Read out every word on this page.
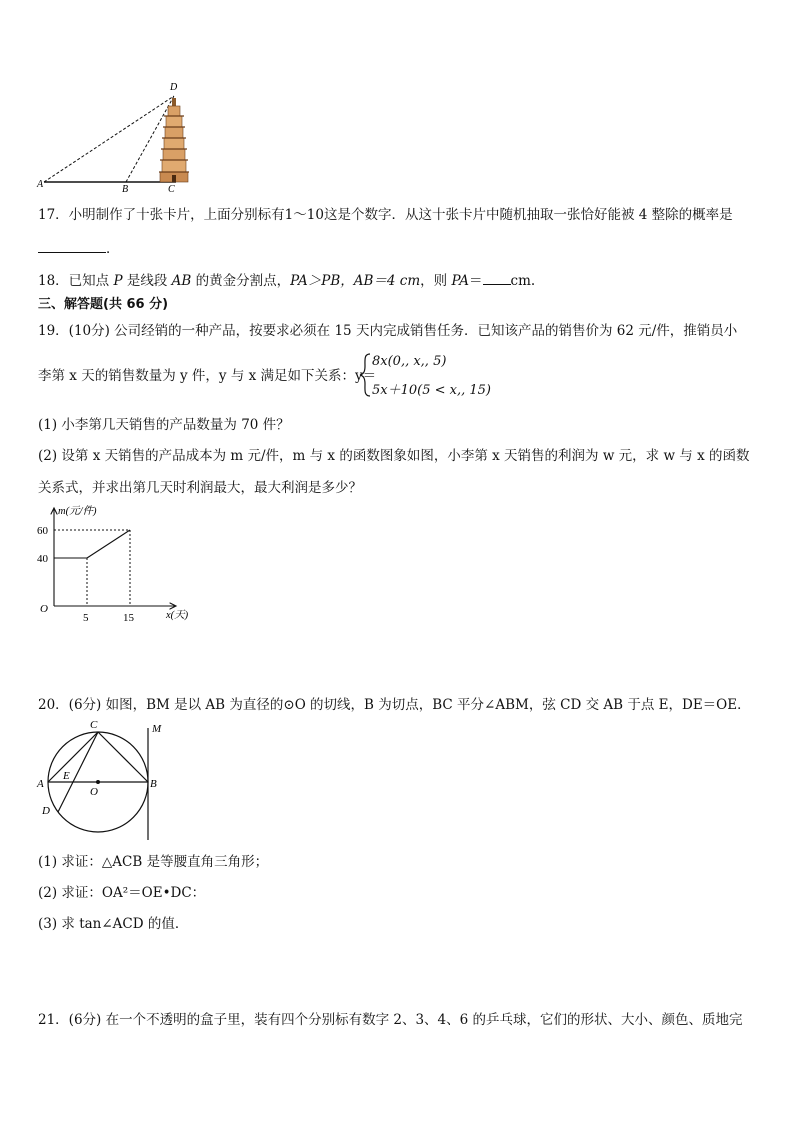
D
A	B	C
17．小明制作了十张卡片，上面分别标有1～10这是个数字．从这十张卡片中随机抽取一张恰好能被 4 整除的概率是
．
18．已知点 P 是线段 AB 的黄金分割点，PA＞PB，AB＝4 cm，则 PA＝ cm.
三、解答题(共 66 分)
19．(10分) 公司经销的一种产品，按要求必须在 15 天内完成销售任务．已知该产品的销售价为 62 元/件，推销员小
李第 x 天的销售数量为 y 件，y 与 x 满足如下关系：y＝
8x(0,, x,, 5)
5x＋10(5 < x,, 15)
(1) 小李第几天销售的产品数量为 70 件？
(2) 设第 x 天销售的产品成本为 m 元/件，m 与 x 的函数图象如图，小李第 x 天销售的利润为 w 元，求 w 与 x 的函数
关系式，并求出第几天时利润最大，最大利润是多少？
m(元/件)
60
40
O
5	15	x(天)
20．(6分) 如图，BM 是以 AB 为直径的⊙O 的切线，B 为切点，BC 平分∠ABM，弦 CD 交 AB 于点 E，DE＝OE．
C	M
A
E
O
B
D
(1) 求证：△ACB 是等腰直角三角形；
(2) 求证：OA²＝OE•DC：
(3) 求 tan∠ACD 的值．
21．(6分) 在一个不透明的盒子里，装有四个分别标有数字 2、3、4、6 的乒乓球，它们的形状、大小、颜色、质地完
